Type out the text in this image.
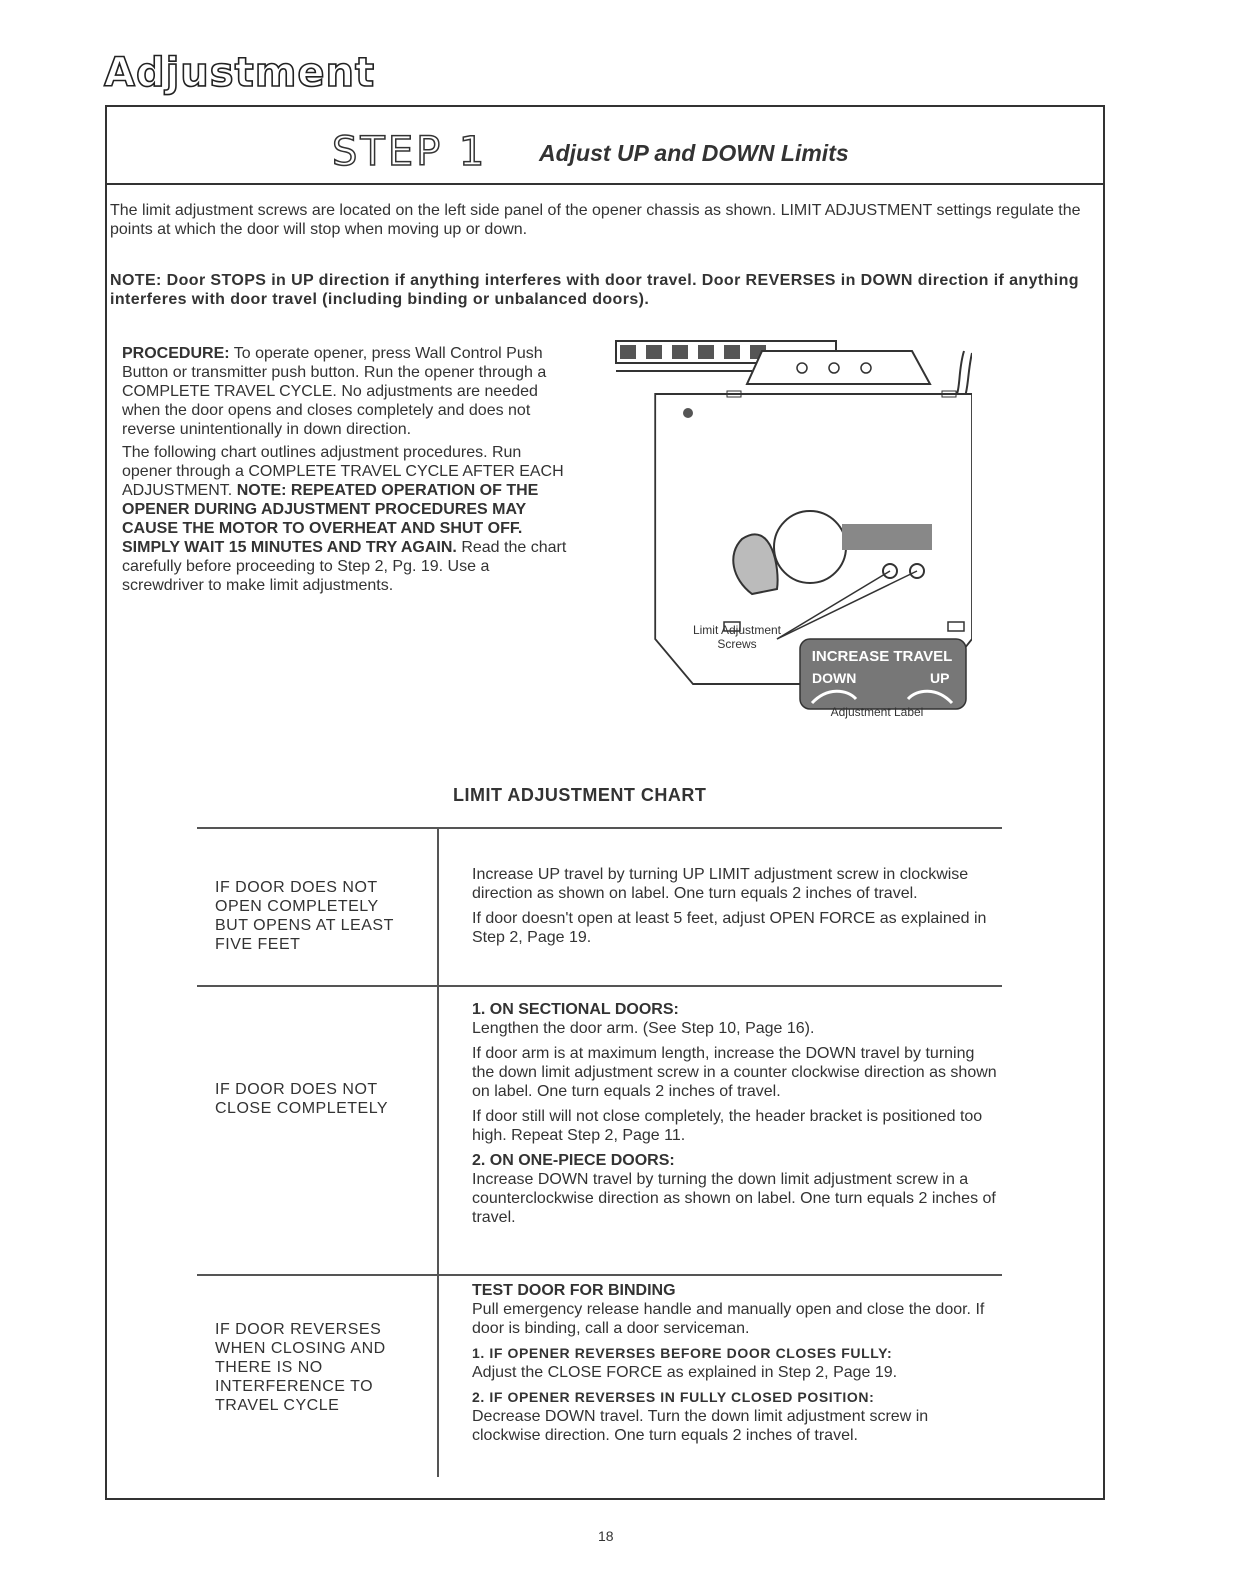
Adjustment
STEP 1 Adjust UP and DOWN Limits

The limit adjustment screws are located on the left side panel of the opener chassis as shown. LIMIT ADJUSTMENT settings regulate the points at which the door will stop when moving up or down.

NOTE: Door STOPS in UP direction if anything interferes with door travel. Door REVERSES in DOWN direction if anything interferes with door travel (including binding or unbalanced doors).

PROCEDURE: To operate opener, press Wall Control Push Button or transmitter push button. Run the opener through a COMPLETE TRAVEL CYCLE. No adjustments are needed when the door opens and closes completely and does not reverse unintentionally in down direction.

The following chart outlines adjustment procedures. Run opener through a COMPLETE TRAVEL CYCLE AFTER EACH ADJUSTMENT. NOTE: REPEATED OPERATION OF THE OPENER DURING ADJUSTMENT PROCEDURES MAY CAUSE THE MOTOR TO OVERHEAT AND SHUT OFF. SIMPLY WAIT 15 MINUTES AND TRY AGAIN. Read the chart carefully before proceeding to Step 2, Pg. 19. Use a screwdriver to make limit adjustments.

INCREASE TRAVEL
DOWN	UP
Limit Adjustment Screws
Adjustment Label
LIMIT ADJUSTMENT CHART
IF DOOR DOES NOT OPEN COMPLETELY BUT OPENS AT LEAST FIVE FEET

Increase UP travel by turning UP LIMIT adjustment screw in clockwise direction as shown on label. One turn equals 2 inches of travel.

If door doesn't open at least 5 feet, adjust OPEN FORCE as explained in Step 2, Page 19.

IF DOOR DOES NOT CLOSE COMPLETELY

1. ON SECTIONAL DOORS:

Lengthen the door arm. (See Step 10, Page 16).

If door arm is at maximum length, increase the DOWN travel by turning the down limit adjustment screw in a counter clockwise direction as shown on label. One turn equals 2 inches of travel.

If door still will not close completely, the header bracket is positioned too high. Repeat Step 2, Page 11.

2. ON ONE-PIECE DOORS:

Increase DOWN travel by turning the down limit adjustment screw in a counterclockwise direction as shown on label. One turn equals 2 inches of travel.

IF DOOR REVERSES WHEN CLOSING AND THERE IS NO INTERFERENCE TO TRAVEL CYCLE

TEST DOOR FOR BINDING

Pull emergency release handle and manually open and close the door. If door is binding, call a door serviceman.

1. IF OPENER REVERSES BEFORE DOOR CLOSES FULLY:

Adjust the CLOSE FORCE as explained in Step 2, Page 19.

2. IF OPENER REVERSES IN FULLY CLOSED POSITION:

Decrease DOWN travel. Turn the down limit adjustment screw in clockwise direction. One turn equals 2 inches of travel.

18
